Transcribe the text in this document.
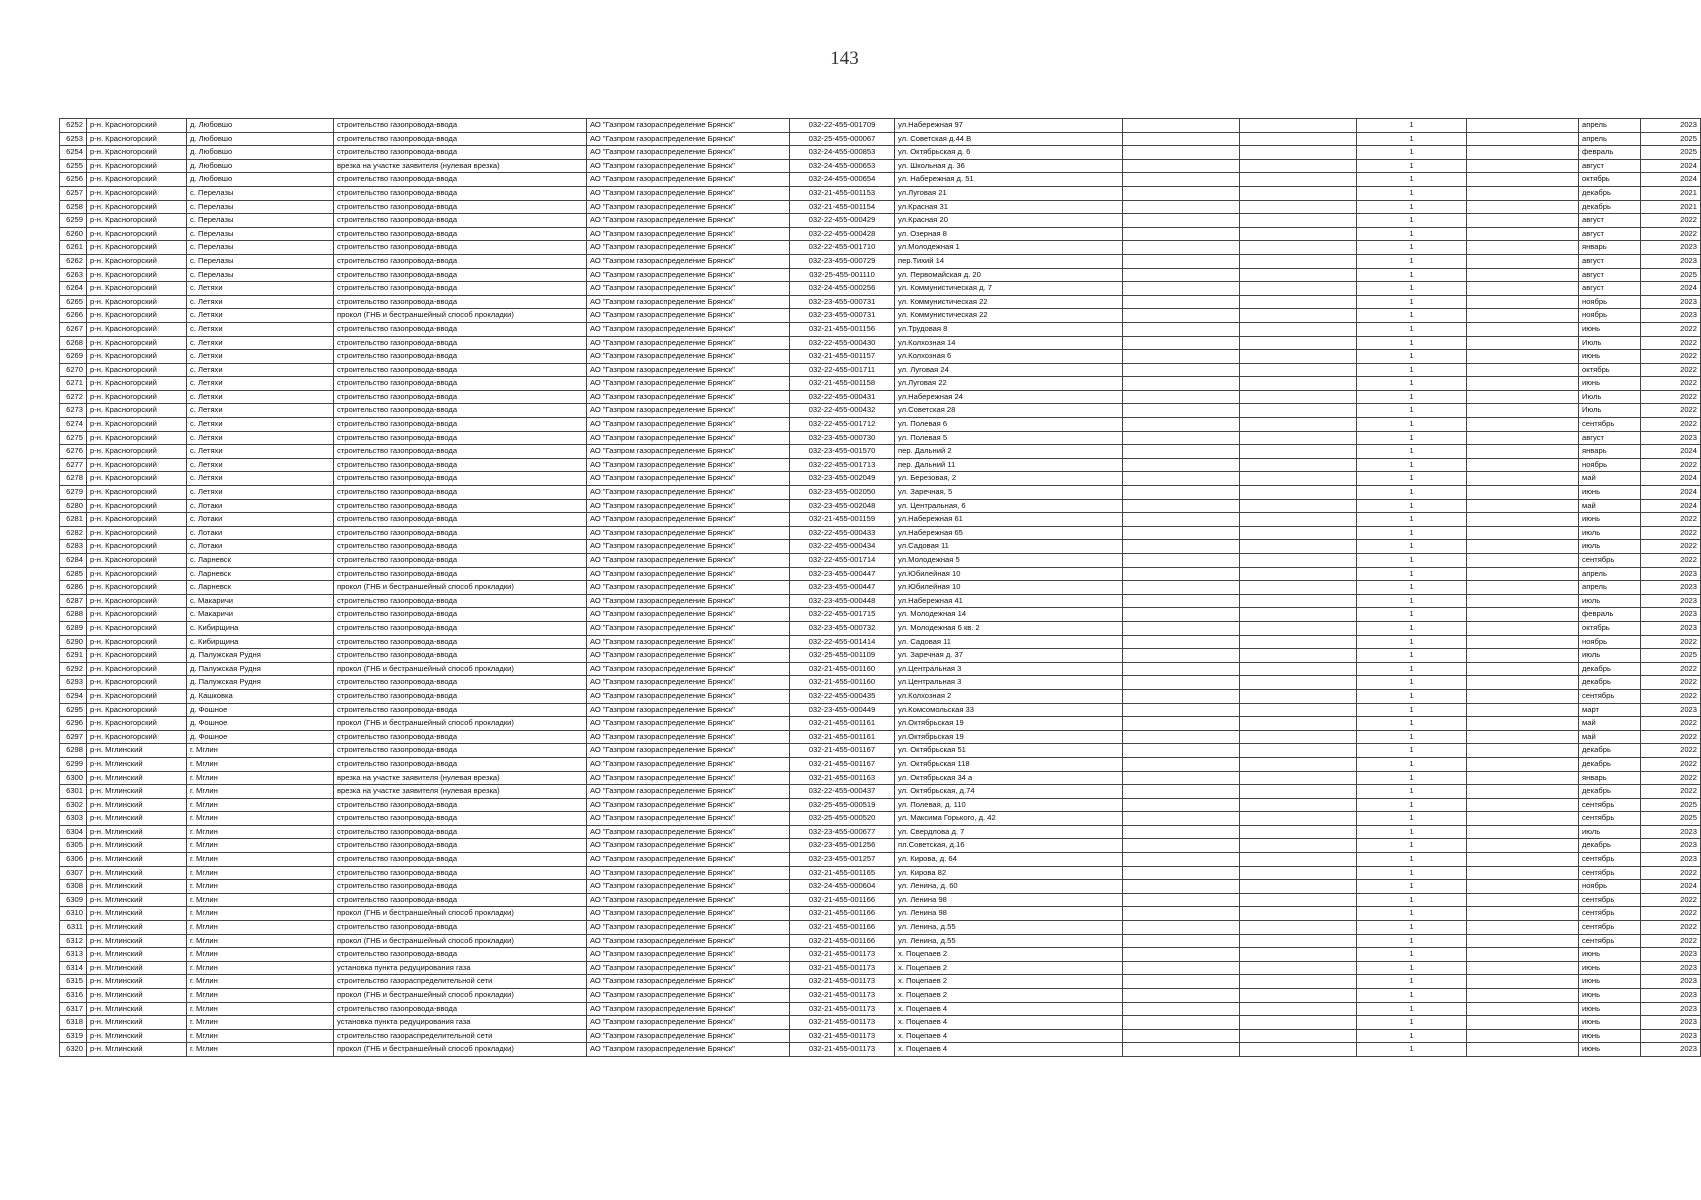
143
6252	р-н. Красногорский	д. Любовшо	строительство газопровода-ввода	АО "Газпром газораспределение Брянск"	032-22-455-001709	ул.Набережная 97			1		апрель	2023
6253	р-н. Красногорский	д. Любовшо	строительство газопровода-ввода	АО "Газпром газораспределение Брянск"	032-25-455-000067	ул. Советская д.44 В			1		апрель	2025
6254	р-н. Красногорский	д. Любовшо	строительство газопровода-ввода	АО "Газпром газораспределение Брянск"	032-24-455-000853	ул. Октябрьская д. 6			1		февраль	2025
6255	р-н. Красногорский	д. Любовшо	врезка на участке заявителя (нулевая врезка)	АО "Газпром газораспределение Брянск"	032-24-455-000653	ул. Школьная д. 36			1		август	2024
6256	р-н. Красногорский	д. Любовшо	строительство газопровода-ввода	АО "Газпром газораспределение Брянск"	032-24-455-000654	ул. Набережная д. 51			1		октябрь	2024
6257	р-н. Красногорский	с. Перелазы	строительство газопровода-ввода	АО "Газпром газораспределение Брянск"	032-21-455-001153	ул.Луговая 21			1		декабрь	2021
6258	р-н. Красногорский	с. Перелазы	строительство газопровода-ввода	АО "Газпром газораспределение Брянск"	032-21-455-001154	ул.Красная 31			1		декабрь	2021
6259	р-н. Красногорский	с. Перелазы	строительство газопровода-ввода	АО "Газпром газораспределение Брянск"	032-22-455-000429	ул.Красная 20			1		август	2022
6260	р-н. Красногорский	с. Перелазы	строительство газопровода-ввода	АО "Газпром газораспределение Брянск"	032-22-455-000428	ул. Озерная 8			1		август	2022
6261	р-н. Красногорский	с. Перелазы	строительство газопровода-ввода	АО "Газпром газораспределение Брянск"	032-22-455-001710	ул.Молодежная 1			1		январь	2023
6262	р-н. Красногорский	с. Перелазы	строительство газопровода-ввода	АО "Газпром газораспределение Брянск"	032-23-455-000729	пер.Тихий 14			1		август	2023
6263	р-н. Красногорский	с. Перелазы	строительство газопровода-ввода	АО "Газпром газораспределение Брянск"	032-25-455-001110	ул. Первомайская д. 20			1		август	2025
6264	р-н. Красногорский	с. Летяхи	строительство газопровода-ввода	АО "Газпром газораспределение Брянск"	032-24-455-000256	ул. Коммунистическая д. 7			1		август	2024
6265	р-н. Красногорский	с. Летяхи	строительство газопровода-ввода	АО "Газпром газораспределение Брянск"	032-23-455-000731	ул. Коммунистическая 22			1		ноябрь	2023
6266	р-н. Красногорский	с. Летяхи	прокол (ГНБ и бестраншейный способ прокладки)	АО "Газпром газораспределение Брянск"	032-23-455-000731	ул. Коммунистическая 22			1		ноябрь	2023
6267	р-н. Красногорский	с. Летяхи	строительство газопровода-ввода	АО "Газпром газораспределение Брянск"	032-21-455-001156	ул.Трудовая 8			1		июнь	2022
6268	р-н. Красногорский	с. Летяхи	строительство газопровода-ввода	АО "Газпром газораспределение Брянск"	032-22-455-000430	ул.Колхозная 14			1		Июль	2022
6269	р-н. Красногорский	с. Летяхи	строительство газопровода-ввода	АО "Газпром газораспределение Брянск"	032-21-455-001157	ул.Колхозная 6			1		июнь	2022
6270	р-н. Красногорский	с. Летяхи	строительство газопровода-ввода	АО "Газпром газораспределение Брянск"	032-22-455-001711	ул. Луговая 24			1		октябрь	2022
6271	р-н. Красногорский	с. Летяхи	строительство газопровода-ввода	АО "Газпром газораспределение Брянск"	032-21-455-001158	ул.Луговая 22			1		июнь	2022
6272	р-н. Красногорский	с. Летяхи	строительство газопровода-ввода	АО "Газпром газораспределение Брянск"	032-22-455-000431	ул.Набережная 24			1		Июль	2022
6273	р-н. Красногорский	с. Летяхи	строительство газопровода-ввода	АО "Газпром газораспределение Брянск"	032-22-455-000432	ул.Советская 28			1		Июль	2022
6274	р-н. Красногорский	с. Летяхи	строительство газопровода-ввода	АО "Газпром газораспределение Брянск"	032-22-455-001712	ул. Полевая 6			1		сентябрь	2022
6275	р-н. Красногорский	с. Летяхи	строительство газопровода-ввода	АО "Газпром газораспределение Брянск"	032-23-455-000730	ул. Полевая 5			1		август	2023
6276	р-н. Красногорский	с. Летяхи	строительство газопровода-ввода	АО "Газпром газораспределение Брянск"	032-23-455-001570	пер. Дальний 2			1		январь	2024
6277	р-н. Красногорский	с. Летяхи	строительство газопровода-ввода	АО "Газпром газораспределение Брянск"	032-22-455-001713	пер. Дальний 11			1		ноябрь	2022
6278	р-н. Красногорский	с. Летяхи	строительство газопровода-ввода	АО "Газпром газораспределение Брянск"	032-23-455-002049	ул. Березовая, 2			1		май	2024
6279	р-н. Красногорский	с. Летяхи	строительство газопровода-ввода	АО "Газпром газораспределение Брянск"	032-23-455-002050	ул. Заречная, 5			1		июнь	2024
6280	р-н. Красногорский	с. Лотаки	строительство газопровода-ввода	АО "Газпром газораспределение Брянск"	032-23-455-002048	ул. Центральная, 6			1		май	2024
6281	р-н. Красногорский	с. Лотаки	строительство газопровода-ввода	АО "Газпром газораспределение Брянск"	032-21-455-001159	ул.Набережная 61			1		июнь	2022
6282	р-н. Красногорский	с. Лотаки	строительство газопровода-ввода	АО "Газпром газораспределение Брянск"	032-22-455-000433	ул.Набережная 65			1		июль	2022
6283	р-н. Красногорский	с. Лотаки	строительство газопровода-ввода	АО "Газпром газораспределение Брянск"	032-22-455-000434	ул.Садовая 11			1		июль	2022
6284	р-н. Красногорский	с. Ларневск	строительство газопровода-ввода	АО "Газпром газораспределение Брянск"	032-22-455-001714	ул.Молодежная 5			1		сентябрь	2022
6285	р-н. Красногорский	с. Ларневск	строительство газопровода-ввода	АО "Газпром газораспределение Брянск"	032-23-455-000447	ул.Юбилейная 10			1		апрель	2023
6286	р-н. Красногорский	с. Ларневск	прокол (ГНБ и бестраншейный способ прокладки)	АО "Газпром газораспределение Брянск"	032-23-455-000447	ул.Юбилейная 10			1		апрель	2023
6287	р-н. Красногорский	с. Макаричи	строительство газопровода-ввода	АО "Газпром газораспределение Брянск"	032-23-455-000448	ул.Набережная 41			1		июль	2023
6288	р-н. Красногорский	с. Макаричи	строительство газопровода-ввода	АО "Газпром газораспределение Брянск"	032-22-455-001715	ул. Молодежная 14			1		февраль	2023
6289	р-н. Красногорский	с. Кибирщина	строительство газопровода-ввода	АО "Газпром газораспределение Брянск"	032-23-455-000732	ул. Молодежная 6 кв. 2			1		октябрь	2023
6290	р-н. Красногорский	с. Кибирщина	строительство газопровода-ввода	АО "Газпром газораспределение Брянск"	032-22-455-001414	ул. Садовая 11			1		ноябрь	2022
6291	р-н. Красногорский	д. Палужская Рудня	строительство газопровода-ввода	АО "Газпром газораспределение Брянск"	032-25-455-001109	ул. Заречная д. 37			1		июль	2025
6292	р-н. Красногорский	д. Палужская Рудня	прокол (ГНБ и бестраншейный способ прокладки)	АО "Газпром газораспределение Брянск"	032-21-455-001160	ул.Центральная 3			1		декабрь	2022
6293	р-н. Красногорский	д. Палужская Рудня	строительство газопровода-ввода	АО "Газпром газораспределение Брянск"	032-21-455-001160	ул.Центральная 3			1		декабрь	2022
6294	р-н. Красногорский	д. Кашковка	строительство газопровода-ввода	АО "Газпром газораспределение Брянск"	032-22-455-000435	ул.Колхозная 2			1		сентябрь	2022
6295	р-н. Красногорский	д. Фошное	строительство газопровода-ввода	АО "Газпром газораспределение Брянск"	032-23-455-000449	ул.Комсомольская 33			1		март	2023
6296	р-н. Красногорский	д. Фошное	прокол (ГНБ и бестраншейный способ прокладки)	АО "Газпром газораспределение Брянск"	032-21-455-001161	ул.Октябрьская 19			1		май	2022
6297	р-н. Красногорский	д. Фошное	строительство газопровода-ввода	АО "Газпром газораспределение Брянск"	032-21-455-001161	ул.Октябрьская 19			1		май	2022
6298	р-н. Мглинский	г. Мглин	строительство газопровода-ввода	АО "Газпром газораспределение Брянск"	032-21-455-001167	ул. Октябрьская 51			1		декабрь	2022
6299	р-н. Мглинский	г. Мглин	строительство газопровода-ввода	АО "Газпром газораспределение Брянск"	032-21-455-001167	ул. Октябрьская 118			1		декабрь	2022
6300	р-н. Мглинский	г. Мглин	врезка на участке заявителя (нулевая врезка)	АО "Газпром газораспределение Брянск"	032-21-455-001163	ул. Октябрьская 34 а			1		январь	2022
6301	р-н. Мглинский	г. Мглин	врезка на участке заявителя (нулевая врезка)	АО "Газпром газораспределение Брянск"	032-22-455-000437	ул. Октябрьская, д.74			1		декабрь	2022
6302	р-н. Мглинский	г. Мглин	строительство газопровода-ввода	АО "Газпром газораспределение Брянск"	032-25-455-000519	ул. Полевая, д. 110			1		сентябрь	2025
6303	р-н. Мглинский	г. Мглин	строительство газопровода-ввода	АО "Газпром газораспределение Брянск"	032-25-455-000520	ул. Максима Горького, д. 42			1		сентябрь	2025
6304	р-н. Мглинский	г. Мглин	строительство газопровода-ввода	АО "Газпром газораспределение Брянск"	032-23-455-000677	ул. Свердлова д. 7			1		июль	2023
6305	р-н. Мглинский	г. Мглин	строительство газопровода-ввода	АО "Газпром газораспределение Брянск"	032-23-455-001256	пл.Советская, д.16			1		декабрь	2023
6306	р-н. Мглинский	г. Мглин	строительство газопровода-ввода	АО "Газпром газораспределение Брянск"	032-23-455-001257	ул. Кирова, д. 64			1		сентябрь	2023
6307	р-н. Мглинский	г. Мглин	строительство газопровода-ввода	АО "Газпром газораспределение Брянск"	032-21-455-001165	ул. Кирова 82			1		сентябрь	2022
6308	р-н. Мглинский	г. Мглин	строительство газопровода-ввода	АО "Газпром газораспределение Брянск"	032-24-455-000604	ул. Ленина, д. 60			1		ноябрь	2024
6309	р-н. Мглинский	г. Мглин	строительство газопровода-ввода	АО "Газпром газораспределение Брянск"	032-21-455-001166	ул. Ленина 98			1		сентябрь	2022
6310	р-н. Мглинский	г. Мглин	прокол (ГНБ и бестраншейный способ прокладки)	АО "Газпром газораспределение Брянск"	032-21-455-001166	ул. Ленина 98			1		сентябрь	2022
6311	р-н. Мглинский	г. Мглин	строительство газопровода-ввода	АО "Газпром газораспределение Брянск"	032-21-455-001166	ул. Ленина, д.55			1		сентябрь	2022
6312	р-н. Мглинский	г. Мглин	прокол (ГНБ и бестраншейный способ прокладки)	АО "Газпром газораспределение Брянск"	032-21-455-001166	ул. Ленина, д.55			1		сентябрь	2022
6313	р-н. Мглинский	г. Мглин	строительство газопровода-ввода	АО "Газпром газораспределение Брянск"	032-21-455-001173	х. Поцепаев 2			1		июнь	2023
6314	р-н. Мглинский	г. Мглин	установка пункта редуцирования газа	АО "Газпром газораспределение Брянск"	032-21-455-001173	х. Поцепаев 2			1		июнь	2023
6315	р-н. Мглинский	г. Мглин	строительство газораспределительной сети	АО "Газпром газораспределение Брянск"	032-21-455-001173	х. Поцепаев 2			1		июнь	2023
6316	р-н. Мглинский	г. Мглин	прокол (ГНБ и бестраншейный способ прокладки)	АО "Газпром газораспределение Брянск"	032-21-455-001173	х. Поцепаев 2			1		июнь	2023
6317	р-н. Мглинский	г. Мглин	строительство газопровода-ввода	АО "Газпром газораспределение Брянск"	032-21-455-001173	х. Поцепаев 4			1		июнь	2023
6318	р-н. Мглинский	г. Мглин	установка пункта редуцирования газа	АО "Газпром газораспределение Брянск"	032-21-455-001173	х. Поцепаев 4			1		июнь	2023
6319	р-н. Мглинский	г. Мглин	строительство газораспределительной сети	АО "Газпром газораспределение Брянск"	032-21-455-001173	х. Поцепаев 4			1		июнь	2023
6320	р-н. Мглинский	г. Мглин	прокол (ГНБ и бестраншейный способ прокладки)	АО "Газпром газораспределение Брянск"	032-21-455-001173	х. Поцепаев 4			1		июнь	2023
